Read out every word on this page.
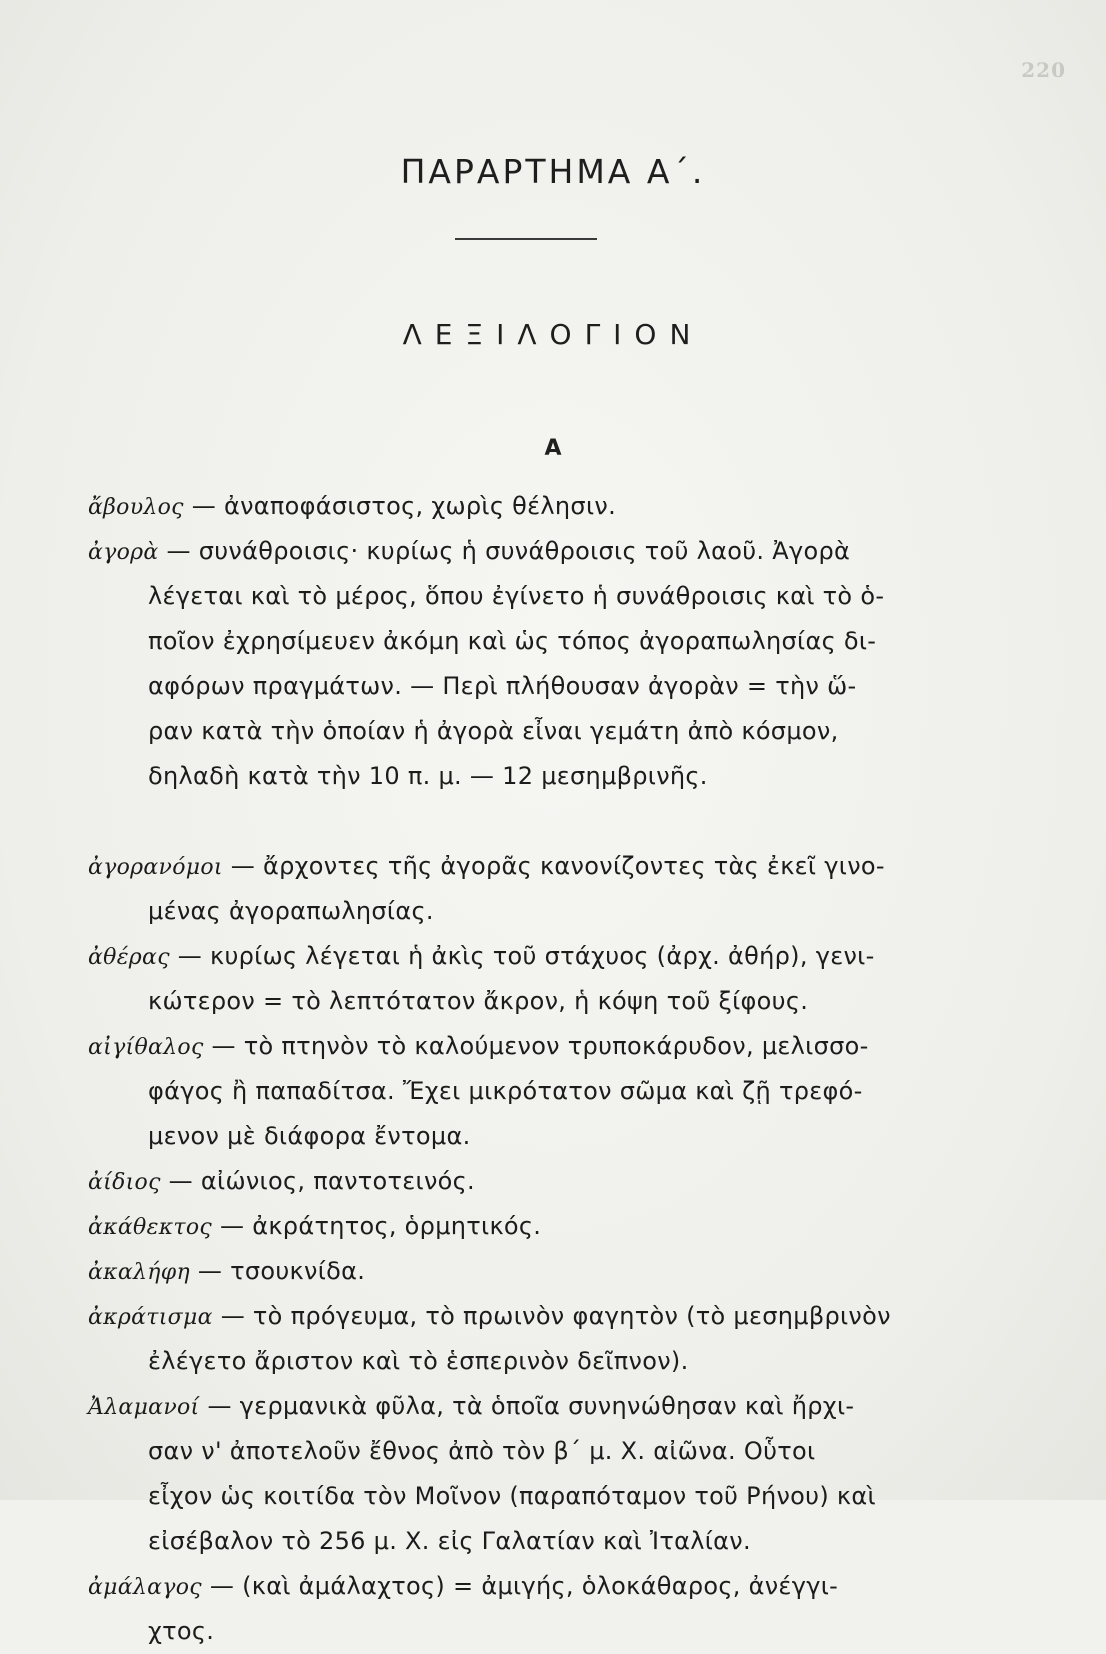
220
ΠΑΡΑΡΤΗΜΑ Α΄.
ΛΕΞΙΛΟΓΙΟΝ
Α
ἄβουλος — ἀναποφάσιστος, χωρὶς θέλησιν.
ἀγορὰ — συνάθροισις· κυρίως ἡ συνάθροισις τοῦ λαοῦ. Ἀγορὰ
λέγεται καὶ τὸ μέρος, ὅπου ἐγίνετο ἡ συνάθροισις καὶ τὸ ὁ-
ποῖον ἐχρησίμευεν ἀκόμη καὶ ὡς τόπος ἀγοραπωλησίας δι-
αφόρων πραγμάτων. — Περὶ πλήθουσαν ἀγορὰν = τὴν ὥ-
ραν κατὰ τὴν ὁποίαν ἡ ἀγορὰ εἶναι γεμάτη ἀπὸ κόσμον,
δηλαδὴ κατὰ τὴν 10 π. μ. — 12 μεσημβρινῆς.
ἀγορανόμοι — ἄρχοντες τῆς ἀγορᾶς κανονίζοντες τὰς ἐκεῖ γινο-
μένας ἀγοραπωλησίας.
ἀθέρας — κυρίως λέγεται ἡ ἀκὶς τοῦ στάχυος (ἀρχ. ἀθήρ), γενι-
κώτερον = τὸ λεπτότατον ἄκρον, ἡ κόψη τοῦ ξίφους.
αἰγίθαλος — τὸ πτηνὸν τὸ καλούμενον τρυποκάρυδον, μελισσο-
φάγος ἢ παπαδίτσα. Ἔχει μικρότατον σῶμα καὶ ζῇ τρεφό-
μενον μὲ διάφορα ἔντομα.
ἀίδιος — αἰώνιος, παντοτεινός.
ἀκάθεκτος — ἀκράτητος, ὁρμητικός.
ἀκαλήφη — τσουκνίδα.
ἀκράτισμα — τὸ πρόγευμα, τὸ πρωινὸν φαγητὸν (τὸ μεσημβρινὸν
ἐλέγετο ἄριστον καὶ τὸ ἑσπερινὸν δεῖπνον).
Ἀλαμανοί — γερμανικὰ φῦλα, τὰ ὁποῖα συνηνώθησαν καὶ ἤρχι-
σαν ν' ἀποτελοῦν ἔθνος ἀπὸ τὸν β΄ μ. Χ. αἰῶνα. Οὗτοι
εἶχον ὡς κοιτίδα τὸν Μοῖνον (παραπόταμον τοῦ Ρήνου) καὶ
εἰσέβαλον τὸ 256 μ. Χ. εἰς Γαλατίαν καὶ Ἰταλίαν.
ἀμάλαγος — (καὶ ἀμάλαχτος) = ἀμιγής, ὁλοκάθαρος, ἀνέγγι-
χτος.
